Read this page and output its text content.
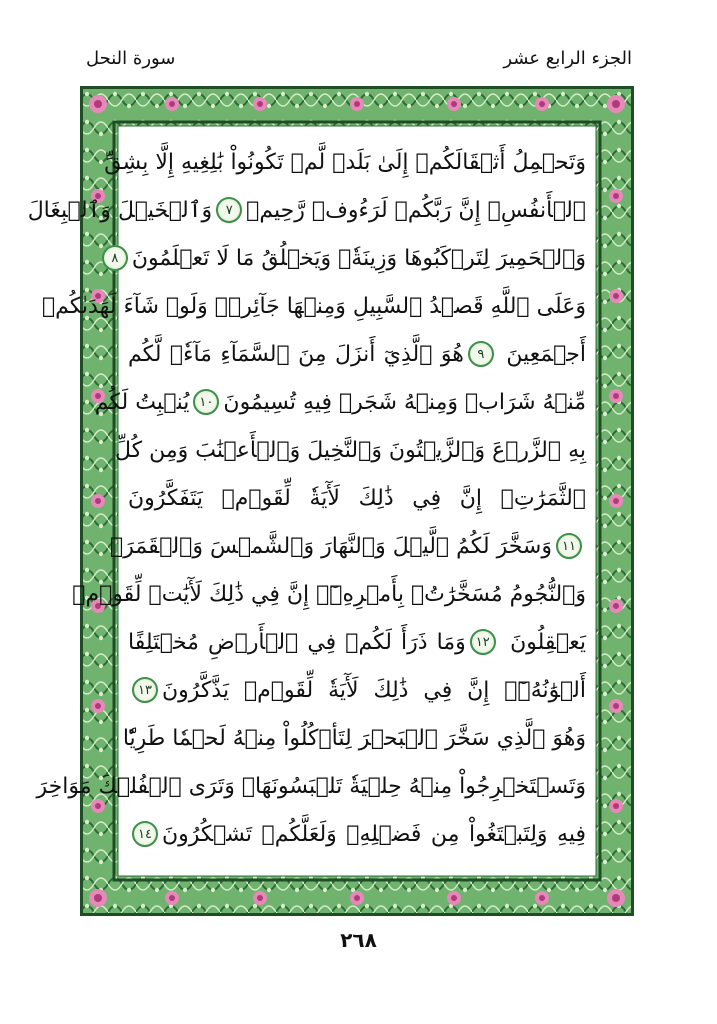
الجزء الرابع عشر
سورة النحل
وَتَحۡمِلُ أَثۡقَالَكُمۡ إِلَىٰ بَلَدٖ لَّمۡ تَكُونُواْ بَٰلِغِيهِ إِلَّا بِشِقِّ
ٱلۡأَنفُسِۚ إِنَّ رَبَّكُمۡ لَرَءُوفٞ رَّحِيمٞ
٧
وَٱلۡخَيۡلَ وَٱلۡبِغَالَ
وَٱلۡحَمِيرَ لِتَرۡكَبُوهَا وَزِينَةٗۚ وَيَخۡلُقُ مَا لَا تَعۡلَمُونَ
٨
وَعَلَى ٱللَّهِ قَصۡدُ ٱلسَّبِيلِ وَمِنۡهَا جَآئِرٞۚ وَلَوۡ شَآءَ لَهَدَىٰكُمۡ
أَجۡمَعِينَ
٩
هُوَ ٱلَّذِيٓ أَنزَلَ مِنَ ٱلسَّمَآءِ مَآءٗۖ لَّكُم
مِّنۡهُ شَرَابٞ وَمِنۡهُ شَجَرٞ فِيهِ تُسِيمُونَ
١٠
يُنۢبِتُ لَكُم
بِهِ ٱلزَّرۡعَ وَٱلزَّيۡتُونَ وَٱلنَّخِيلَ وَٱلۡأَعۡنَٰبَ وَمِن كُلِّ
ٱلثَّمَرَٰتِۚ إِنَّ فِي ذَٰلِكَ لَأٓيَةٗ لِّقَوۡمٖ يَتَفَكَّرُونَ
١١
وَسَخَّرَ لَكُمُ ٱلَّيۡلَ وَٱلنَّهَارَ وَٱلشَّمۡسَ وَٱلۡقَمَرَۖ
وَٱلنُّجُومُ مُسَخَّرَٰتُۢ بِأَمۡرِهِۦٓۚ إِنَّ فِي ذَٰلِكَ لَأٓيَٰتٖ لِّقَوۡمٖ
يَعۡقِلُونَ
١٢
وَمَا ذَرَأَ لَكُمۡ فِي ٱلۡأَرۡضِ مُخۡتَلِفًا
أَلۡوَٰنُهُۥٓۚ إِنَّ فِي ذَٰلِكَ لَأٓيَةٗ لِّقَوۡمٖ يَذَّكَّرُونَ
١٣
وَهُوَ ٱلَّذِي سَخَّرَ ٱلۡبَحۡرَ لِتَأۡكُلُواْ مِنۡهُ لَحۡمٗا طَرِيّٗا
وَتَسۡتَخۡرِجُواْ مِنۡهُ حِلۡيَةٗ تَلۡبَسُونَهَاۖ وَتَرَى ٱلۡفُلۡكَ مَوَاخِرَ
فِيهِ وَلِتَبۡتَغُواْ مِن فَضۡلِهِۦ وَلَعَلَّكُمۡ تَشۡكُرُونَ
١٤
٢٦٨
